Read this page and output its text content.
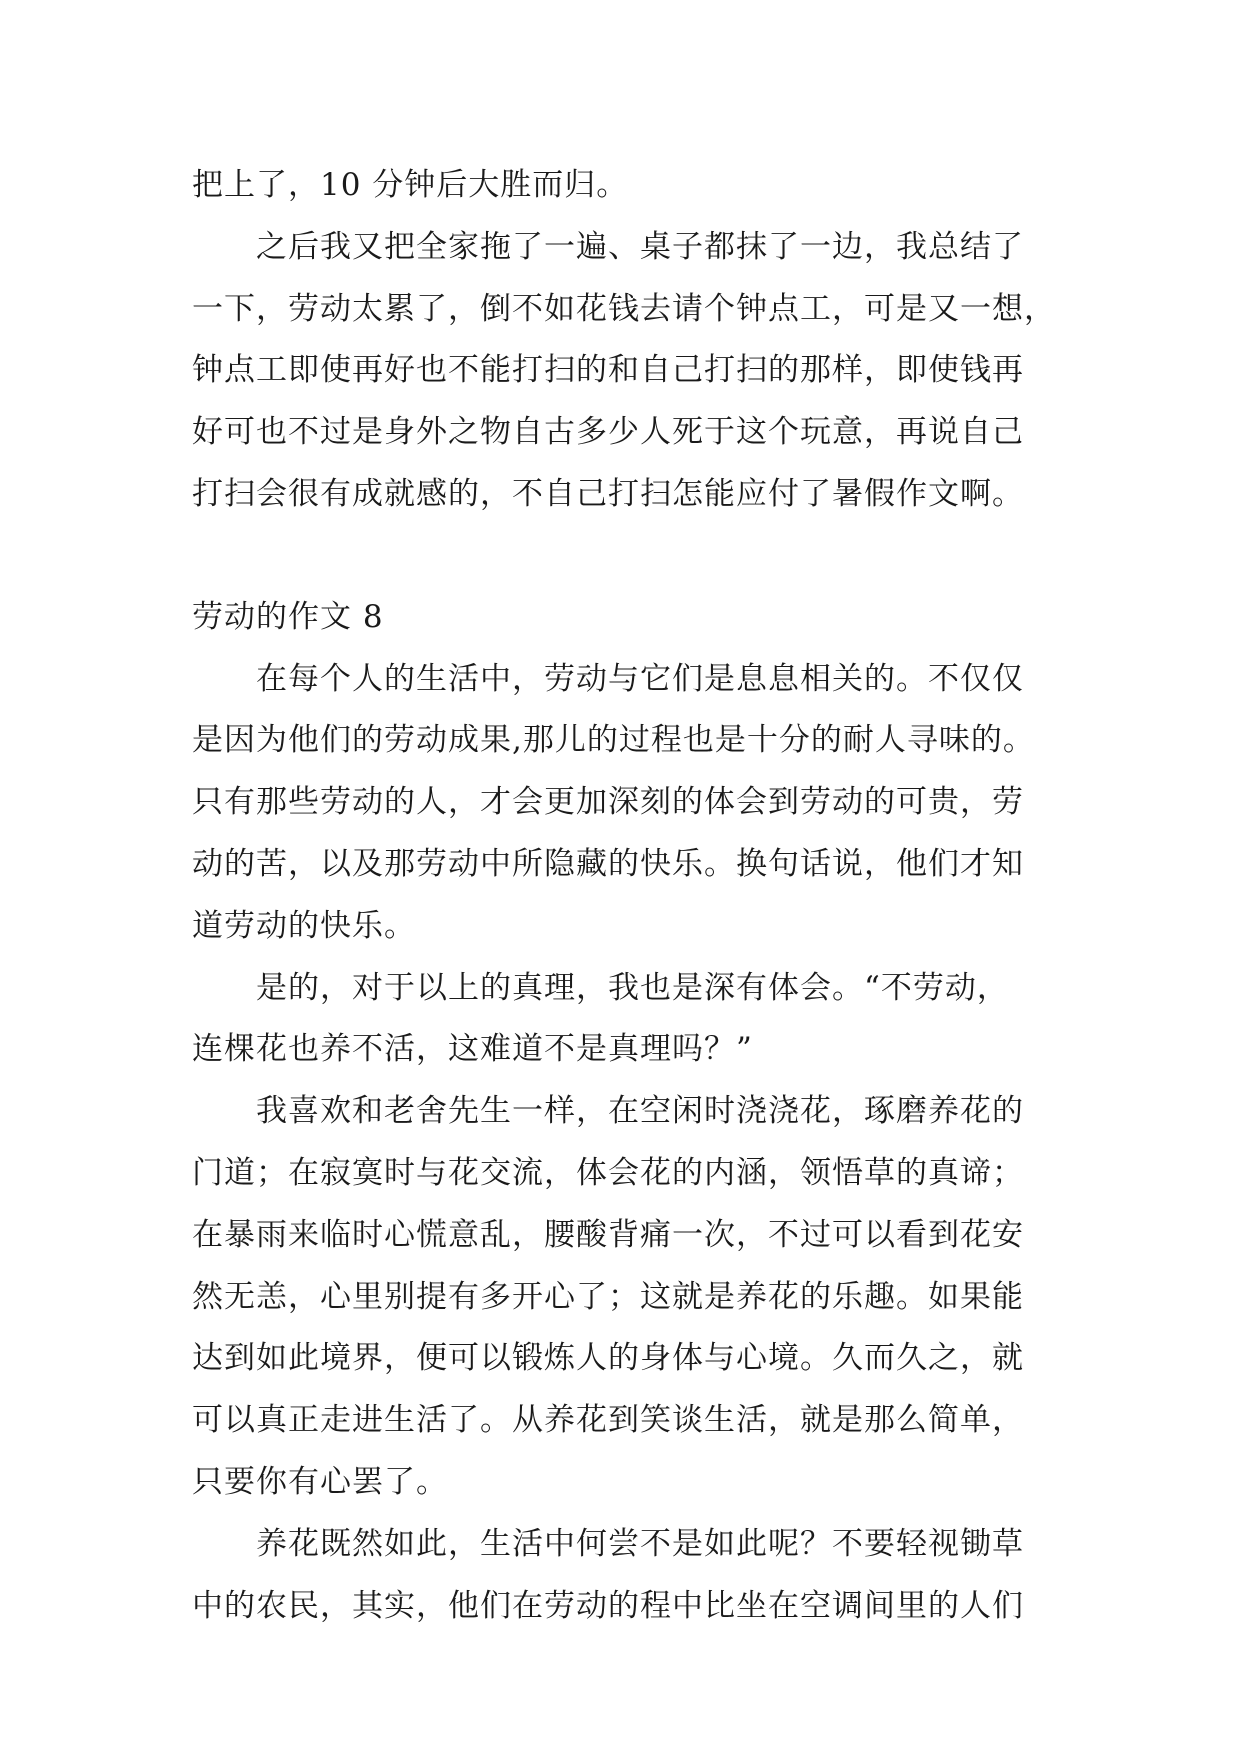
把上了，10 分钟后大胜而归。
之后我又把全家拖了一遍、桌子都抹了一边，我总结了
一下，劳动太累了，倒不如花钱去请个钟点工，可是又一想，
钟点工即使再好也不能打扫的和自己打扫的那样，即使钱再
好可也不过是身外之物自古多少人死于这个玩意，再说自己
打扫会很有成就感的，不自己打扫怎能应付了暑假作文啊。
劳动的作文 8
在每个人的生活中，劳动与它们是息息相关的。不仅仅
是因为他们的劳动成果,那儿的过程也是十分的耐人寻味的。
只有那些劳动的人，才会更加深刻的体会到劳动的可贵，劳
动的苦，以及那劳动中所隐藏的快乐。换句话说，他们才知
道劳动的快乐。
是的，对于以上的真理，我也是深有体会。“不劳动，
连棵花也养不活，这难道不是真理吗？”
我喜欢和老舍先生一样，在空闲时浇浇花，琢磨养花的
门道；在寂寞时与花交流，体会花的内涵，领悟草的真谛；
在暴雨来临时心慌意乱，腰酸背痛一次，不过可以看到花安
然无恙，心里别提有多开心了；这就是养花的乐趣。如果能
达到如此境界，便可以锻炼人的身体与心境。久而久之，就
可以真正走进生活了。从养花到笑谈生活，就是那么简单，
只要你有心罢了。
养花既然如此，生活中何尝不是如此呢？不要轻视锄草
中的农民，其实，他们在劳动的程中比坐在空调间里的人们
